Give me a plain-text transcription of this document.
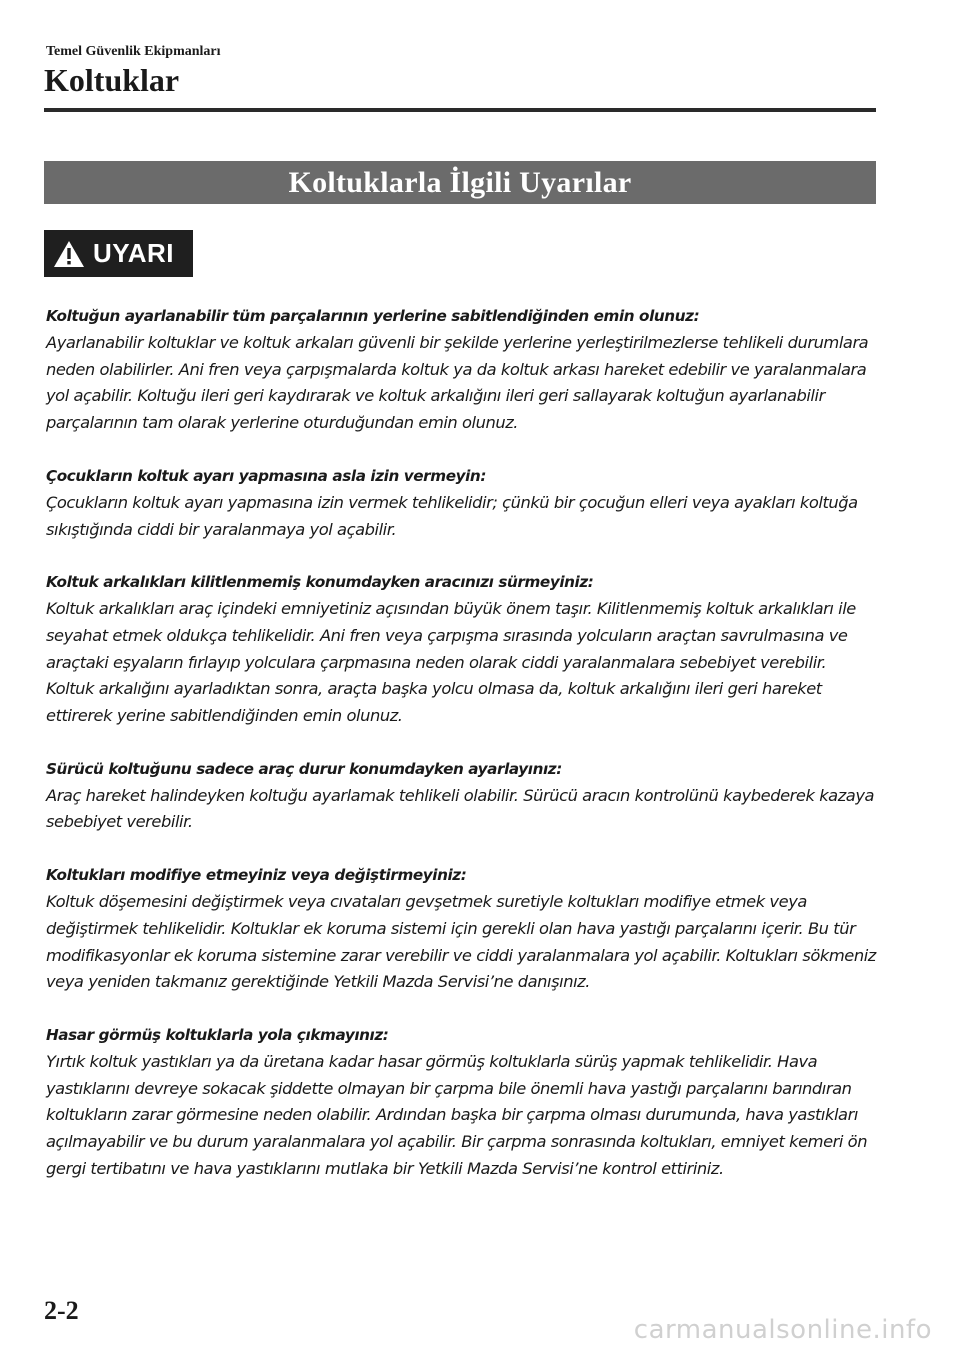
Temel Güvenlik Ekipmanları
Koltuklar
Koltuklarla İlgili Uyarılar
UYARI
Koltuğun ayarlanabilir tüm parçalarının yerlerine sabitlendiğinden emin olunuz:
Ayarlanabilir koltuklar ve koltuk arkaları güvenli bir şekilde yerlerine yerleştirilmezlerse tehlikeli durumlara neden olabilirler. Ani fren veya çarpışmalarda koltuk ya da koltuk arkası hareket edebilir ve yaralanmalara yol açabilir. Koltuğu ileri geri kaydırarak ve koltuk arkalığını ileri geri sallayarak koltuğun ayarlanabilir parçalarının tam olarak yerlerine oturduğundan emin olunuz.
Çocukların koltuk ayarı yapmasına asla izin vermeyin:
Çocukların koltuk ayarı yapmasına izin vermek tehlikelidir; çünkü bir çocuğun elleri veya ayakları koltuğa sıkıştığında ciddi bir yaralanmaya yol açabilir.
Koltuk arkalıkları kilitlenmemiş konumdayken aracınızı sürmeyiniz:
Koltuk arkalıkları araç içindeki emniyetiniz açısından büyük önem taşır. Kilitlenmemiş koltuk arkalıkları ile seyahat etmek oldukça tehlikelidir. Ani fren veya çarpışma sırasında yolcuların araçtan savrulmasına ve araçtaki eşyaların fırlayıp yolculara çarpmasına neden olarak ciddi yaralanmalara sebebiyet verebilir. Koltuk arkalığını ayarladıktan sonra, araçta başka yolcu olmasa da, koltuk arkalığını ileri geri hareket ettirerek yerine sabitlendiğinden emin olunuz.
Sürücü koltuğunu sadece araç durur konumdayken ayarlayınız:
Araç hareket halindeyken koltuğu ayarlamak tehlikeli olabilir. Sürücü aracın kontrolünü kaybederek kazaya sebebiyet verebilir.
Koltukları modifiye etmeyiniz veya değiştirmeyiniz:
Koltuk döşemesini değiştirmek veya cıvataları gevşetmek suretiyle koltukları modifiye etmek veya değiştirmek tehlikelidir. Koltuklar ek koruma sistemi için gerekli olan hava yastığı parçalarını içerir. Bu tür modifikasyonlar ek koruma sistemine zarar verebilir ve ciddi yaralanmalara yol açabilir. Koltukları sökmeniz veya yeniden takmanız gerektiğinde Yetkili Mazda Servisi’ne danışınız.
Hasar görmüş koltuklarla yola çıkmayınız:
Yırtık koltuk yastıkları ya da üretana kadar hasar görmüş koltuklarla sürüş yapmak tehlikelidir. Hava yastıklarını devreye sokacak şiddette olmayan bir çarpma bile önemli hava yastığı parçalarını barındıran koltukların zarar görmesine neden olabilir. Ardından başka bir çarpma olması durumunda, hava yastıkları açılmayabilir ve bu durum yaralanmalara yol açabilir. Bir çarpma sonrasında koltukları, emniyet kemeri ön gergi tertibatını ve hava yastıklarını mutlaka bir Yetkili Mazda Servisi’ne kontrol ettiriniz.
2-2
carmanualsonline.info
